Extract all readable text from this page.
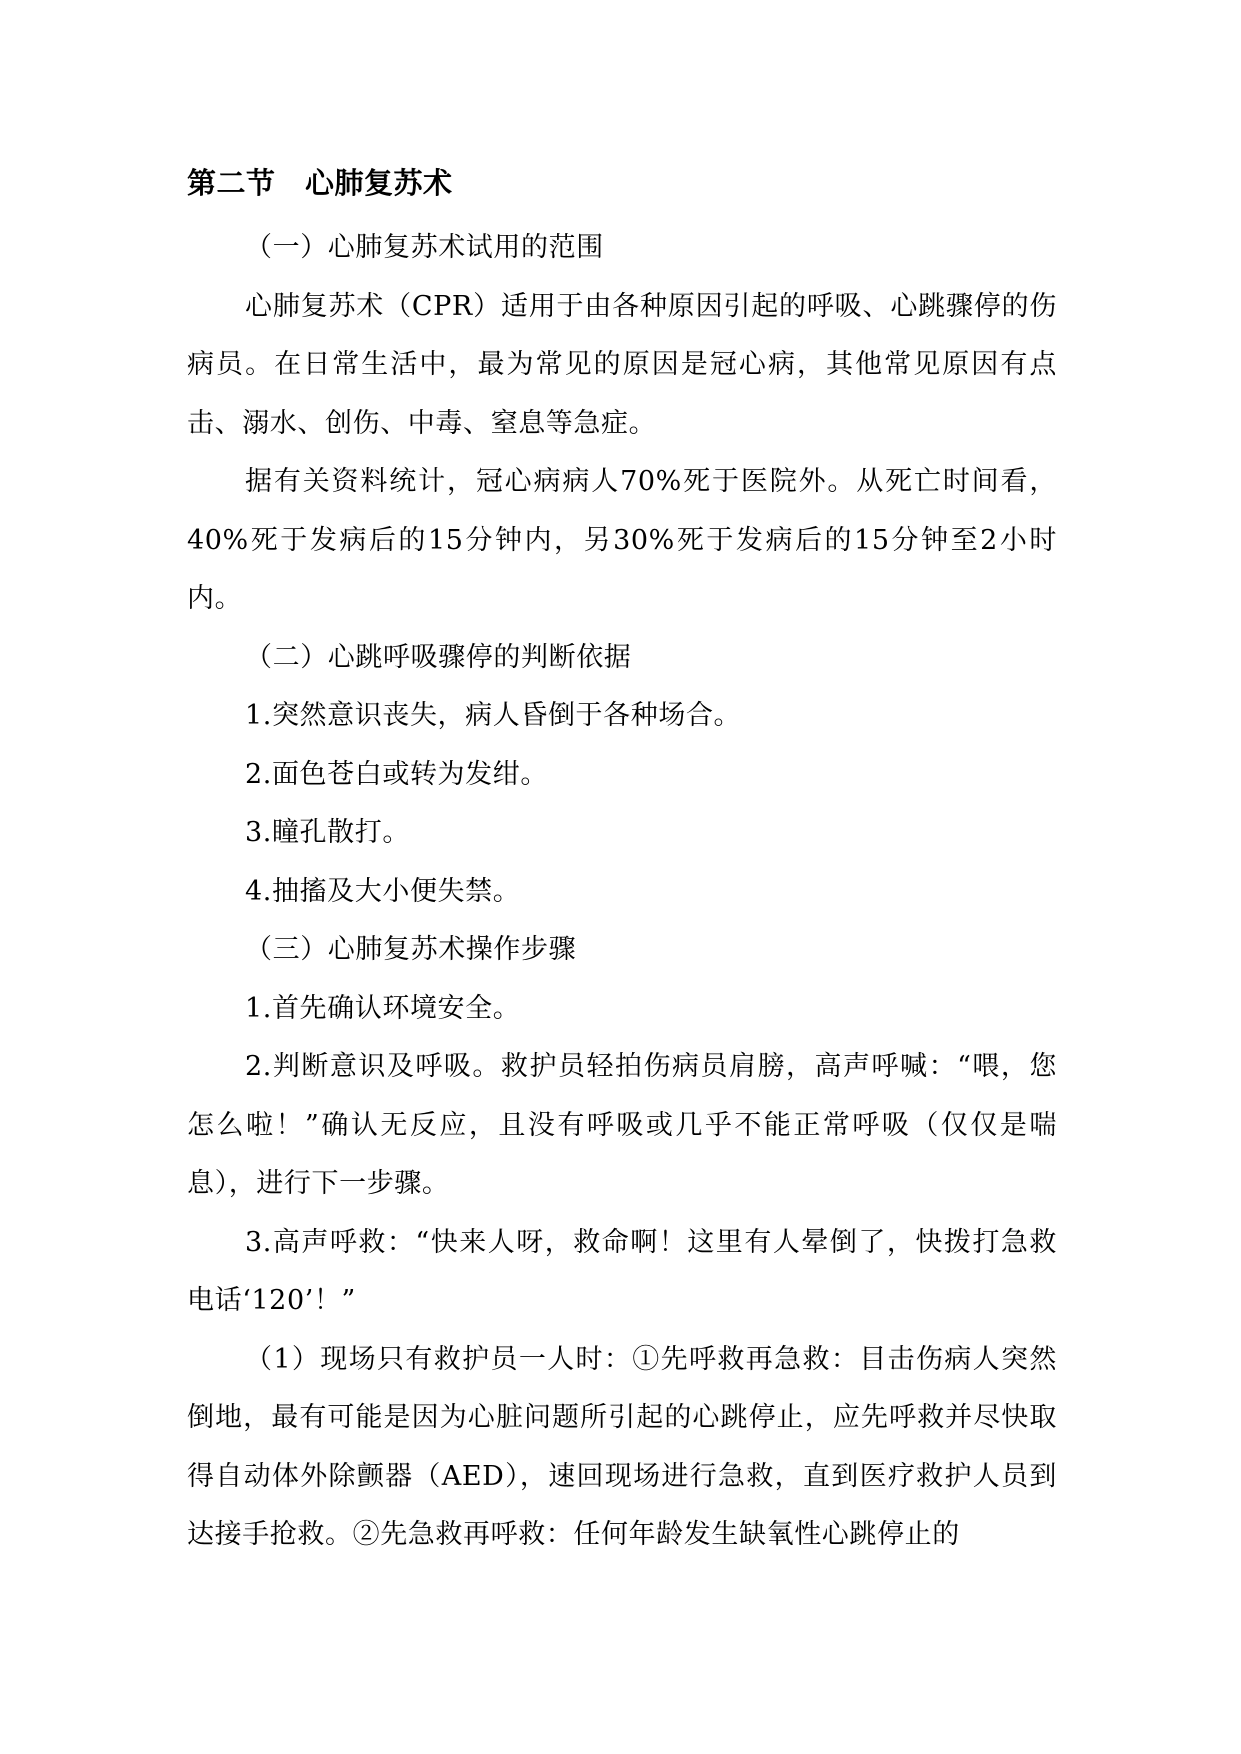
第二节　心肺复苏术

（一）心肺复苏术试用的范围

心肺复苏术（CPR）适用于由各种原因引起的呼吸、心跳骤停的伤病员。在日常生活中，最为常见的原因是冠心病，其他常见原因有点击、溺水、创伤、中毒、窒息等急症。

据有关资料统计，冠心病病人70%死于医院外。从死亡时间看，40%死于发病后的15分钟内，另30%死于发病后的15分钟至2小时内。

（二）心跳呼吸骤停的判断依据

1.突然意识丧失，病人昏倒于各种场合。

2.面色苍白或转为发绀。

3.瞳孔散打。

4.抽搐及大小便失禁。

（三）心肺复苏术操作步骤

1.首先确认环境安全。

2.判断意识及呼吸。救护员轻拍伤病员肩膀，高声呼喊：“喂，您怎么啦！”确认无反应，且没有呼吸或几乎不能正常呼吸（仅仅是喘息），进行下一步骤。

3.高声呼救：“快来人呀，救命啊！这里有人晕倒了，快拨打急救电话‘120’！”

（1）现场只有救护员一人时：①先呼救再急救：目击伤病人突然倒地，最有可能是因为心脏问题所引起的心跳停止，应先呼救并尽快取得自动体外除颤器（AED），速回现场进行急救，直到医疗救护人员到达接手抢救。②先急救再呼救：任何年龄发生缺氧性心跳停止的
